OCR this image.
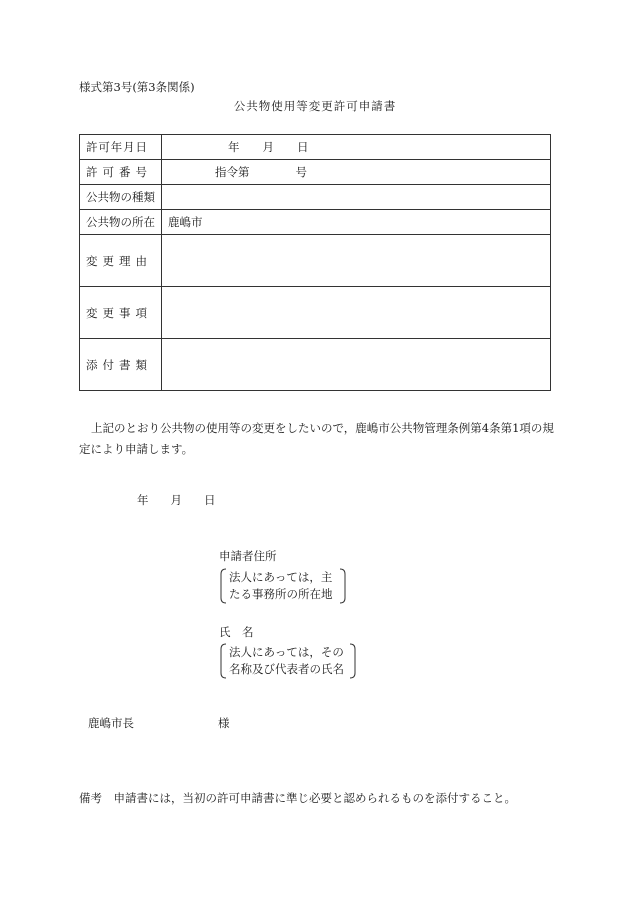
様式第3号(第3条関係)
公共物使用等変更許可申請書
許 可 年 月 日	年　　月　　日

許 可 番 号	指令第　　　　号
公共物の種類	
公共物の所在	鹿嶋市

変 更 理 由	

変 更 事 項	

添 付 書 類	

上記のとおり公共物の使用等の変更をしたいので，鹿嶋市公共物管理条例第4条第1項の規定により申請します。
年 月 日
申請者住所
法人にあっては，主
たる事務所の所在地
氏　名
法人にあっては，その
名称及び代表者の氏名
鹿嶋市長	様
備考　申請書には，当初の許可申請書に準じ必要と認められるものを添付すること。
